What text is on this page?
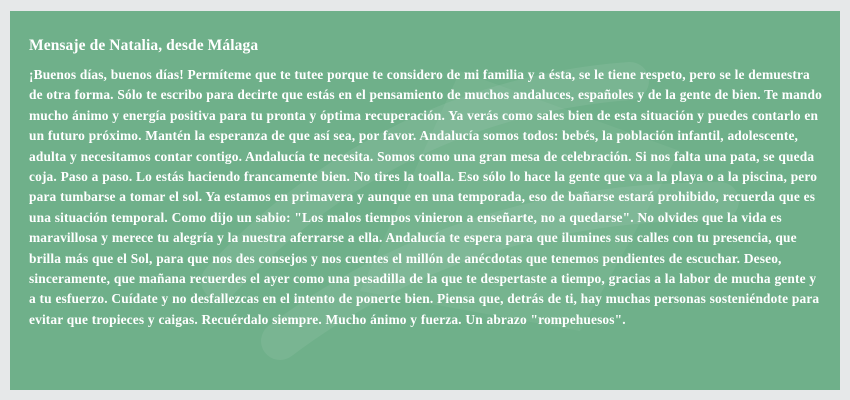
Mensaje de Natalia, desde Málaga

¡Buenos días, buenos días! Permíteme que te tutee porque te considero de mi familia y a ésta, se le tiene respeto, pero se le demuestra de otra forma. Sólo te escribo para decirte que estás en el pensamiento de muchos andaluces, españoles y de la gente de bien. Te mando mucho ánimo y energía positiva para tu pronta y óptima recuperación. Ya verás como sales bien de esta situación y puedes contarlo en un futuro próximo. Mantén la esperanza de que así sea, por favor. Andalucía somos todos: bebés, la población infantil, adolescente, adulta y necesitamos contar contigo. Andalucía te necesita. Somos como una gran mesa de celebración. Si nos falta una pata, se queda coja. Paso a paso. Lo estás haciendo francamente bien. No tires la toalla. Eso sólo lo hace la gente que va a la playa o a la piscina, pero para tumbarse a tomar el sol. Ya estamos en primavera y aunque en una temporada, eso de bañarse estará prohibido, recuerda que es una situación temporal. Como dijo un sabio: "Los malos tiempos vinieron a enseñarte, no a quedarse". No olvides que la vida es maravillosa y merece tu alegría y la nuestra aferrarse a ella. Andalucía te espera para que ilumines sus calles con tu presencia, que brilla más que el Sol, para que nos des consejos y nos cuentes el millón de anécdotas que tenemos pendientes de escuchar. Deseo, sinceramente, que mañana recuerdes el ayer como una pesadilla de la que te despertaste a tiempo, gracias a la labor de mucha gente y a tu esfuerzo. Cuídate y no desfallezcas en el intento de ponerte bien. Piensa que, detrás de ti, hay muchas personas sosteniéndote para evitar que tropieces y caigas. Recuérdalo siempre. Mucho ánimo y fuerza. Un abrazo "rompehuesos".
